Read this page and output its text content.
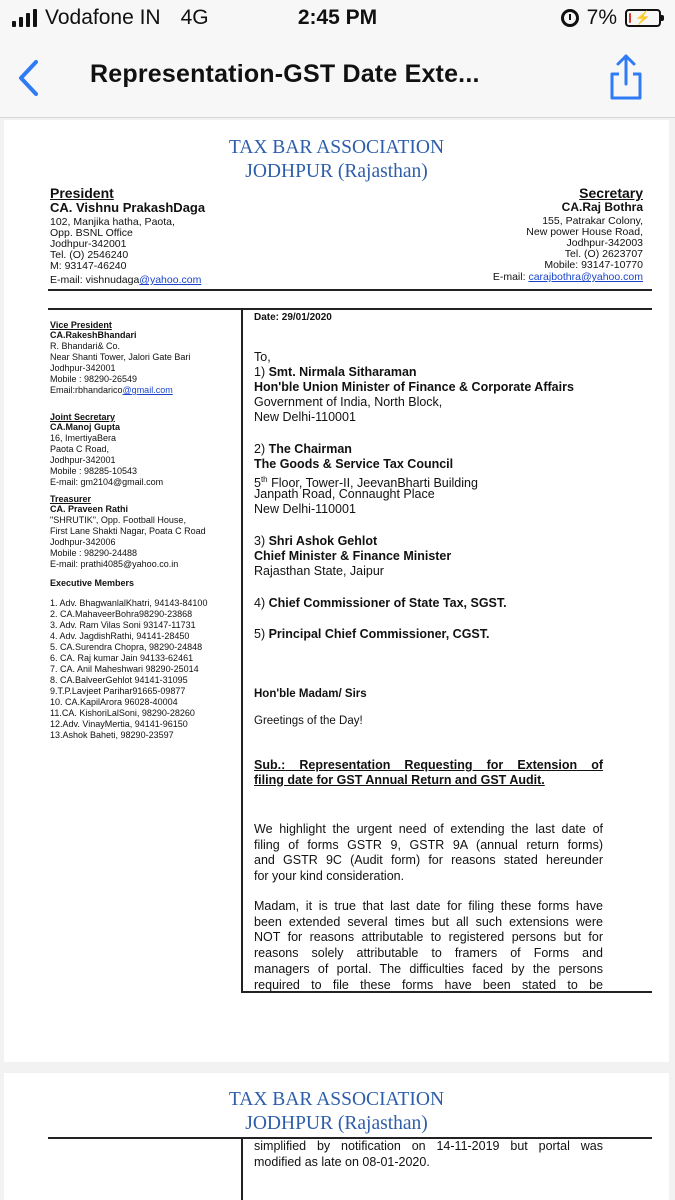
Vodafone IN 4G	2:45 PM	7% ⚡
Representation-GST Date Exte...
TAX BAR ASSOCIATION
JODHPUR (Rajasthan)
President
CA. Vishnu PrakashDaga
102, Manjika hatha, Paota,
Opp. BSNL Office
Jodhpur-342001
Tel. (O) 2546240
M: 93147-46240
E-mail: vishnudaga@yahoo.com
Secretary
CA.Raj Bothra
155, Patrakar Colony,
New power House Road,
Jodhpur-342003
Tel. (O) 2623707
Mobile: 93147-10770
E-mail: carajbothra@yahoo.com
Vice President
CA.RakeshBhandari
R. Bhandari& Co.
Near Shanti Tower, Jalori Gate Bari
Jodhpur-342001
Mobile : 98290-26549
Email:rbhandarico@gmail.com
Joint Secretary
CA.Manoj Gupta
16, ImertiyaBera
Paota C Road,
Jodhpur-342001
Mobile : 98285-10543
E-mail: gm2104@gmail.com
Treasurer
CA. Praveen Rathi
"SHRUTIK", Opp. Football House,
First Lane Shakti Nagar, Poata C Road
Jodhpur-342006
Mobile : 98290-24488
E-mail: prathi4085@yahoo.co.in
Executive Members
1. Adv. BhagwanlalKhatri, 94143-84100
2. CA.MahaveerBohra98290-23868
3. Adv. Ram Vilas Soni 93147-11731
4. Adv. JagdishRathi, 94141-28450
5. CA.Surendra Chopra, 98290-24848
6. CA. Raj kumar Jain 94133-62461
7. CA. Anil Maheshwari 98290-25014
8. CA.BalveerGehlot 94141-31095
9.T.P.Lavjeet Parihar91665-09877
10. CA.KapilArora 96028-40004
11.CA. KishoriLalSoni, 98290-28260
12.Adv. VinayMertia, 94141-96150
13.Ashok Baheti, 98290-23597
Date: 29/01/2020
To,
1) Smt. Nirmala Sitharaman
Hon'ble Union Minister of Finance & Corporate Affairs
Government of India, North Block,
New Delhi-110001
2) The Chairman
The Goods & Service Tax Council
5th Floor, Tower-II, JeevanBharti Building
Janpath Road, Connaught Place
New Delhi-110001
3) Shri Ashok Gehlot
Chief Minister & Finance Minister
Rajasthan State, Jaipur
4) Chief Commissioner of State Tax, SGST.
5) Principal Chief Commissioner, CGST.
Hon'ble Madam/ Sirs
Greetings of the Day!
Sub.: Representation Requesting for Extension of
filing date for GST Annual Return and GST Audit.
We highlight the urgent need of extending the last date of
filing of forms GSTR 9, GSTR 9A (annual return forms)
and GSTR 9C (Audit form) for reasons stated hereunder
for your kind consideration.
Madam, it is true that last date for filing these forms have
been extended several times but all such extensions were
NOT for reasons attributable to registered persons but for
reasons solely attributable to framers of Forms and
managers of portal. The difficulties faced by the persons
required to file these forms have been stated to be
TAX BAR ASSOCIATION
JODHPUR (Rajasthan)
simplified by notification on 14-11-2019 but portal was
modified as late on 08-01-2020.
